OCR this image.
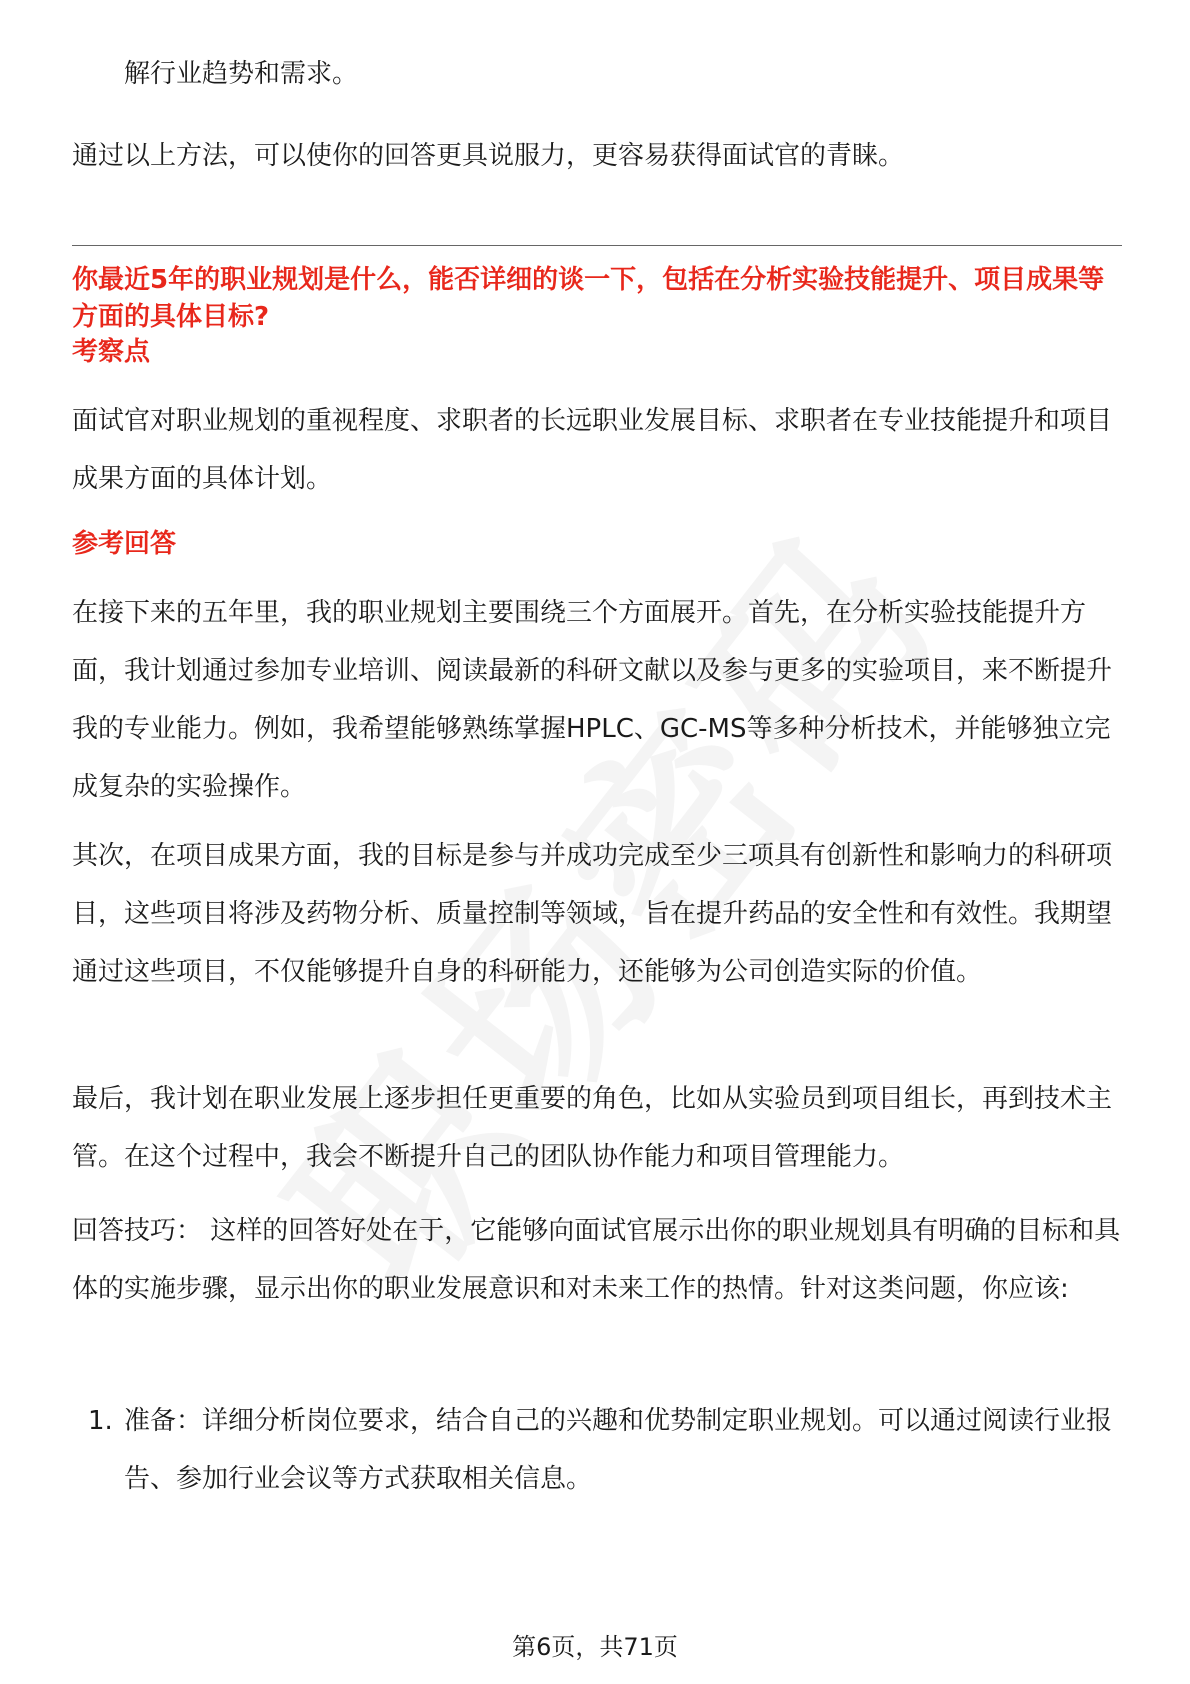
解行业趋势和需求。

通过以上方法，可以使你的回答更具说服力，更容易获得面试官的青睐。

你最近5年的职业规划是什么，能否详细的谈一下，包括在分析实验技能提升、项目成果等方面的具体目标?

考察点

面试官对职业规划的重视程度、求职者的长远职业发展目标、求职者在专业技能提升和项目成果方面的具体计划。

参考回答

在接下来的五年里，我的职业规划主要围绕三个方面展开。首先，在分析实验技能提升方面，我计划通过参加专业培训、阅读最新的科研文献以及参与更多的实验项目，来不断提升我的专业能力。例如，我希望能够熟练掌握HPLC、GC-MS等多种分析技术，并能够独立完成复杂的实验操作。

其次，在项目成果方面，我的目标是参与并成功完成至少三项具有创新性和影响力的科研项目，这些项目将涉及药物分析、质量控制等领域，旨在提升药品的安全性和有效性。我期望通过这些项目，不仅能够提升自身的科研能力，还能够为公司创造实际的价值。

最后，我计划在职业发展上逐步担任更重要的角色，比如从实验员到项目组长，再到技术主管。在这个过程中，我会不断提升自己的团队协作能力和项目管理能力。

回答技巧： 这样的回答好处在于，它能够向面试官展示出你的职业规划具有明确的目标和具体的实施步骤，显示出你的职业发展意识和对未来工作的热情。针对这类问题，你应该:

1. 准备：详细分析岗位要求，结合自己的兴趣和优势制定职业规划。可以通过阅读行业报告、参加行业会议等方式获取相关信息。

第6页，共71页
